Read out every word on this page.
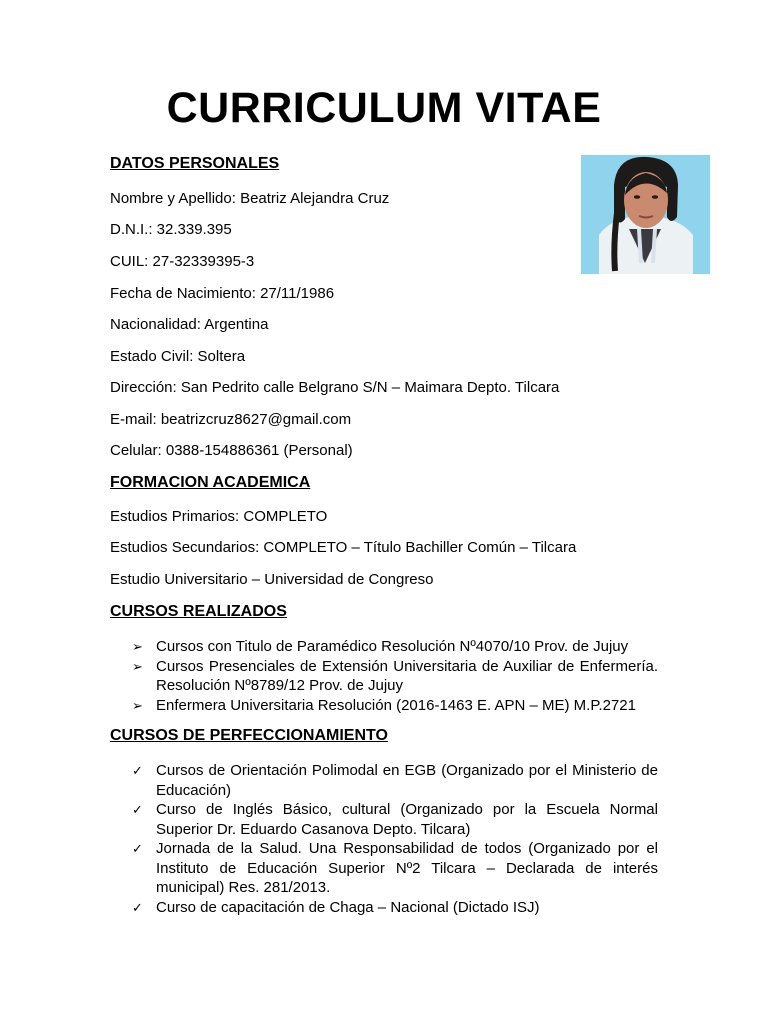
CURRICULUM VITAE
DATOS PERSONALES

Nombre y Apellido: Beatriz Alejandra Cruz

D.N.I.: 32.339.395

CUIL: 27-32339395-3

Fecha de Nacimiento: 27/11/1986

Nacionalidad: Argentina

Estado Civil: Soltera

Dirección: San Pedrito calle Belgrano S/N – Maimara Depto. Tilcara

E-mail: beatrizcruz8627@gmail.com

Celular: 0388-154886361 (Personal)

FORMACION ACADEMICA

Estudios Primarios: COMPLETO

Estudios Secundarios: COMPLETO – Título Bachiller Común – Tilcara

Estudio Universitario – Universidad de Congreso

CURSOS REALIZADOS
➢ Cursos con Titulo de Paramédico Resolución Nº4070/10 Prov. de Jujuy
➢ Cursos Presenciales de Extensión Universitaria de Auxiliar de Enfermería. Resolución Nº8789/12 Prov. de Jujuy
➢ Enfermera Universitaria Resolución (2016-1463 E. APN – ME) M.P.2721
CURSOS DE PERFECCIONAMIENTO
✓ Cursos de Orientación Polimodal en EGB (Organizado por el Ministerio de Educación)
✓ Curso de Inglés Básico, cultural (Organizado por la Escuela Normal Superior Dr. Eduardo Casanova Depto. Tilcara)
✓ Jornada de la Salud. Una Responsabilidad de todos (Organizado por el Instituto de Educación Superior Nº2 Tilcara – Declarada de interés municipal) Res. 281/2013.
✓ Curso de capacitación de Chaga – Nacional (Dictado ISJ)
